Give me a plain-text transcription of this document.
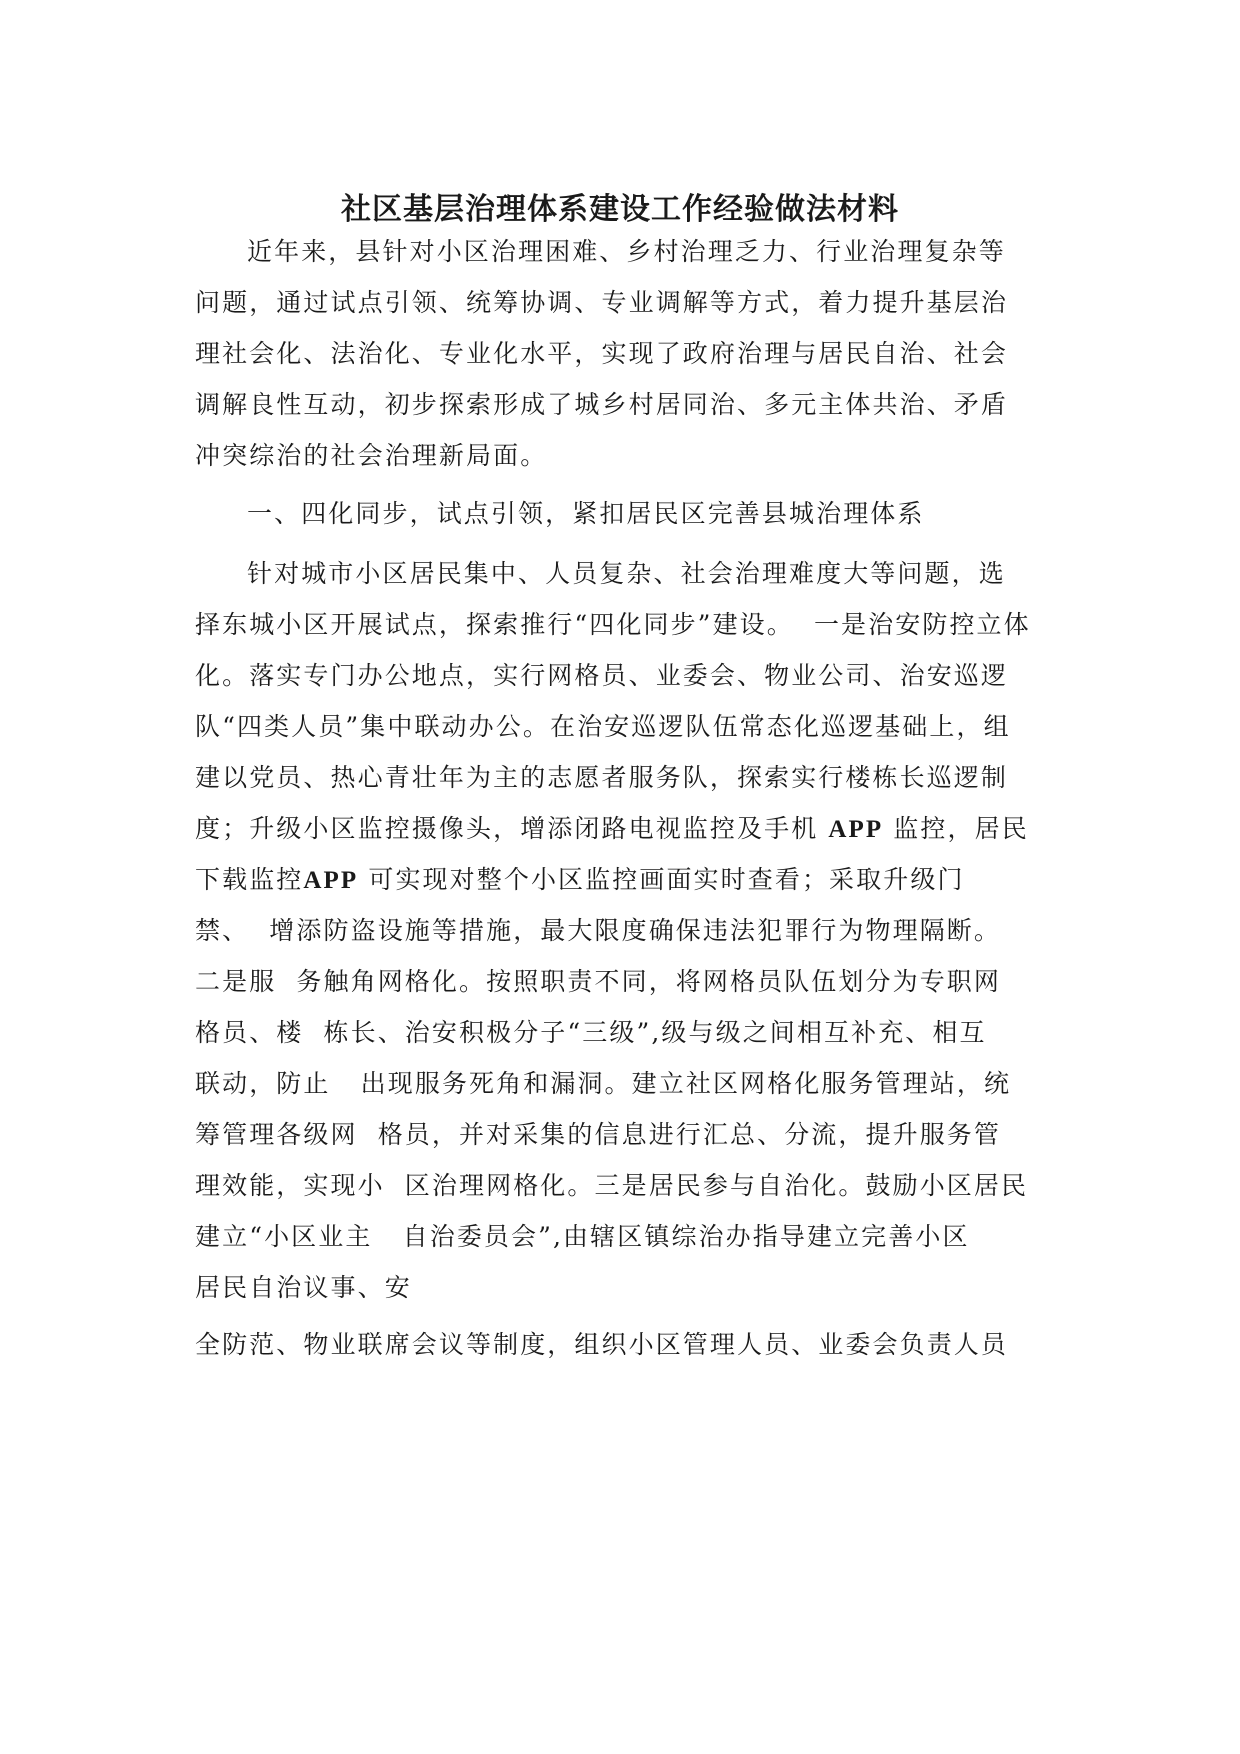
社区基层治理体系建设工作经验做法材料
近年来，县针对小区治理困难、乡村治理乏力、行业治理复杂等
问题，通过试点引领、统筹协调、专业调解等方式，着力提升基层治
理社会化、法治化、专业化水平，实现了政府治理与居民自治、社会
调解良性互动，初步探索形成了城乡村居同治、多元主体共治、矛盾
冲突综治的社会治理新局面。
一、四化同步，试点引领，紧扣居民区完善县城治理体系
针对城市小区居民集中、人员复杂、社会治理难度大等问题，选
择东城小区开展试点，探索推行“四化同步”建设。  一是治安防控立体
化。落实专门办公地点，实行网格员、业委会、物业公司、治安巡逻
队“四类人员”集中联动办公。在治安巡逻队伍常态化巡逻基础上，组
建以党员、热心青壮年为主的志愿者服务队，探索实行楼栋长巡逻制
度；升级小区监控摄像头，增添闭路电视监控及手机 APP 监控，居民
下载监控APP 可实现对整个小区监控画面实时查看；采取升级门
禁、  增添防盗设施等措施，最大限度确保违法犯罪行为物理隔断。
二是服  务触角网格化。按照职责不同，将网格员队伍划分为专职网
格员、楼  栋长、治安积极分子“三级”,级与级之间相互补充、相互
联动，防止   出现服务死角和漏洞。建立社区网格化服务管理站，统
筹管理各级网  格员，并对采集的信息进行汇总、分流，提升服务管
理效能，实现小  区治理网格化。三是居民参与自治化。鼓励小区居民
建立“小区业主   自治委员会”,由辖区镇综治办指导建立完善小区
居民自治议事、安
全防范、物业联席会议等制度，组织小区管理人员、业委会负责人员
